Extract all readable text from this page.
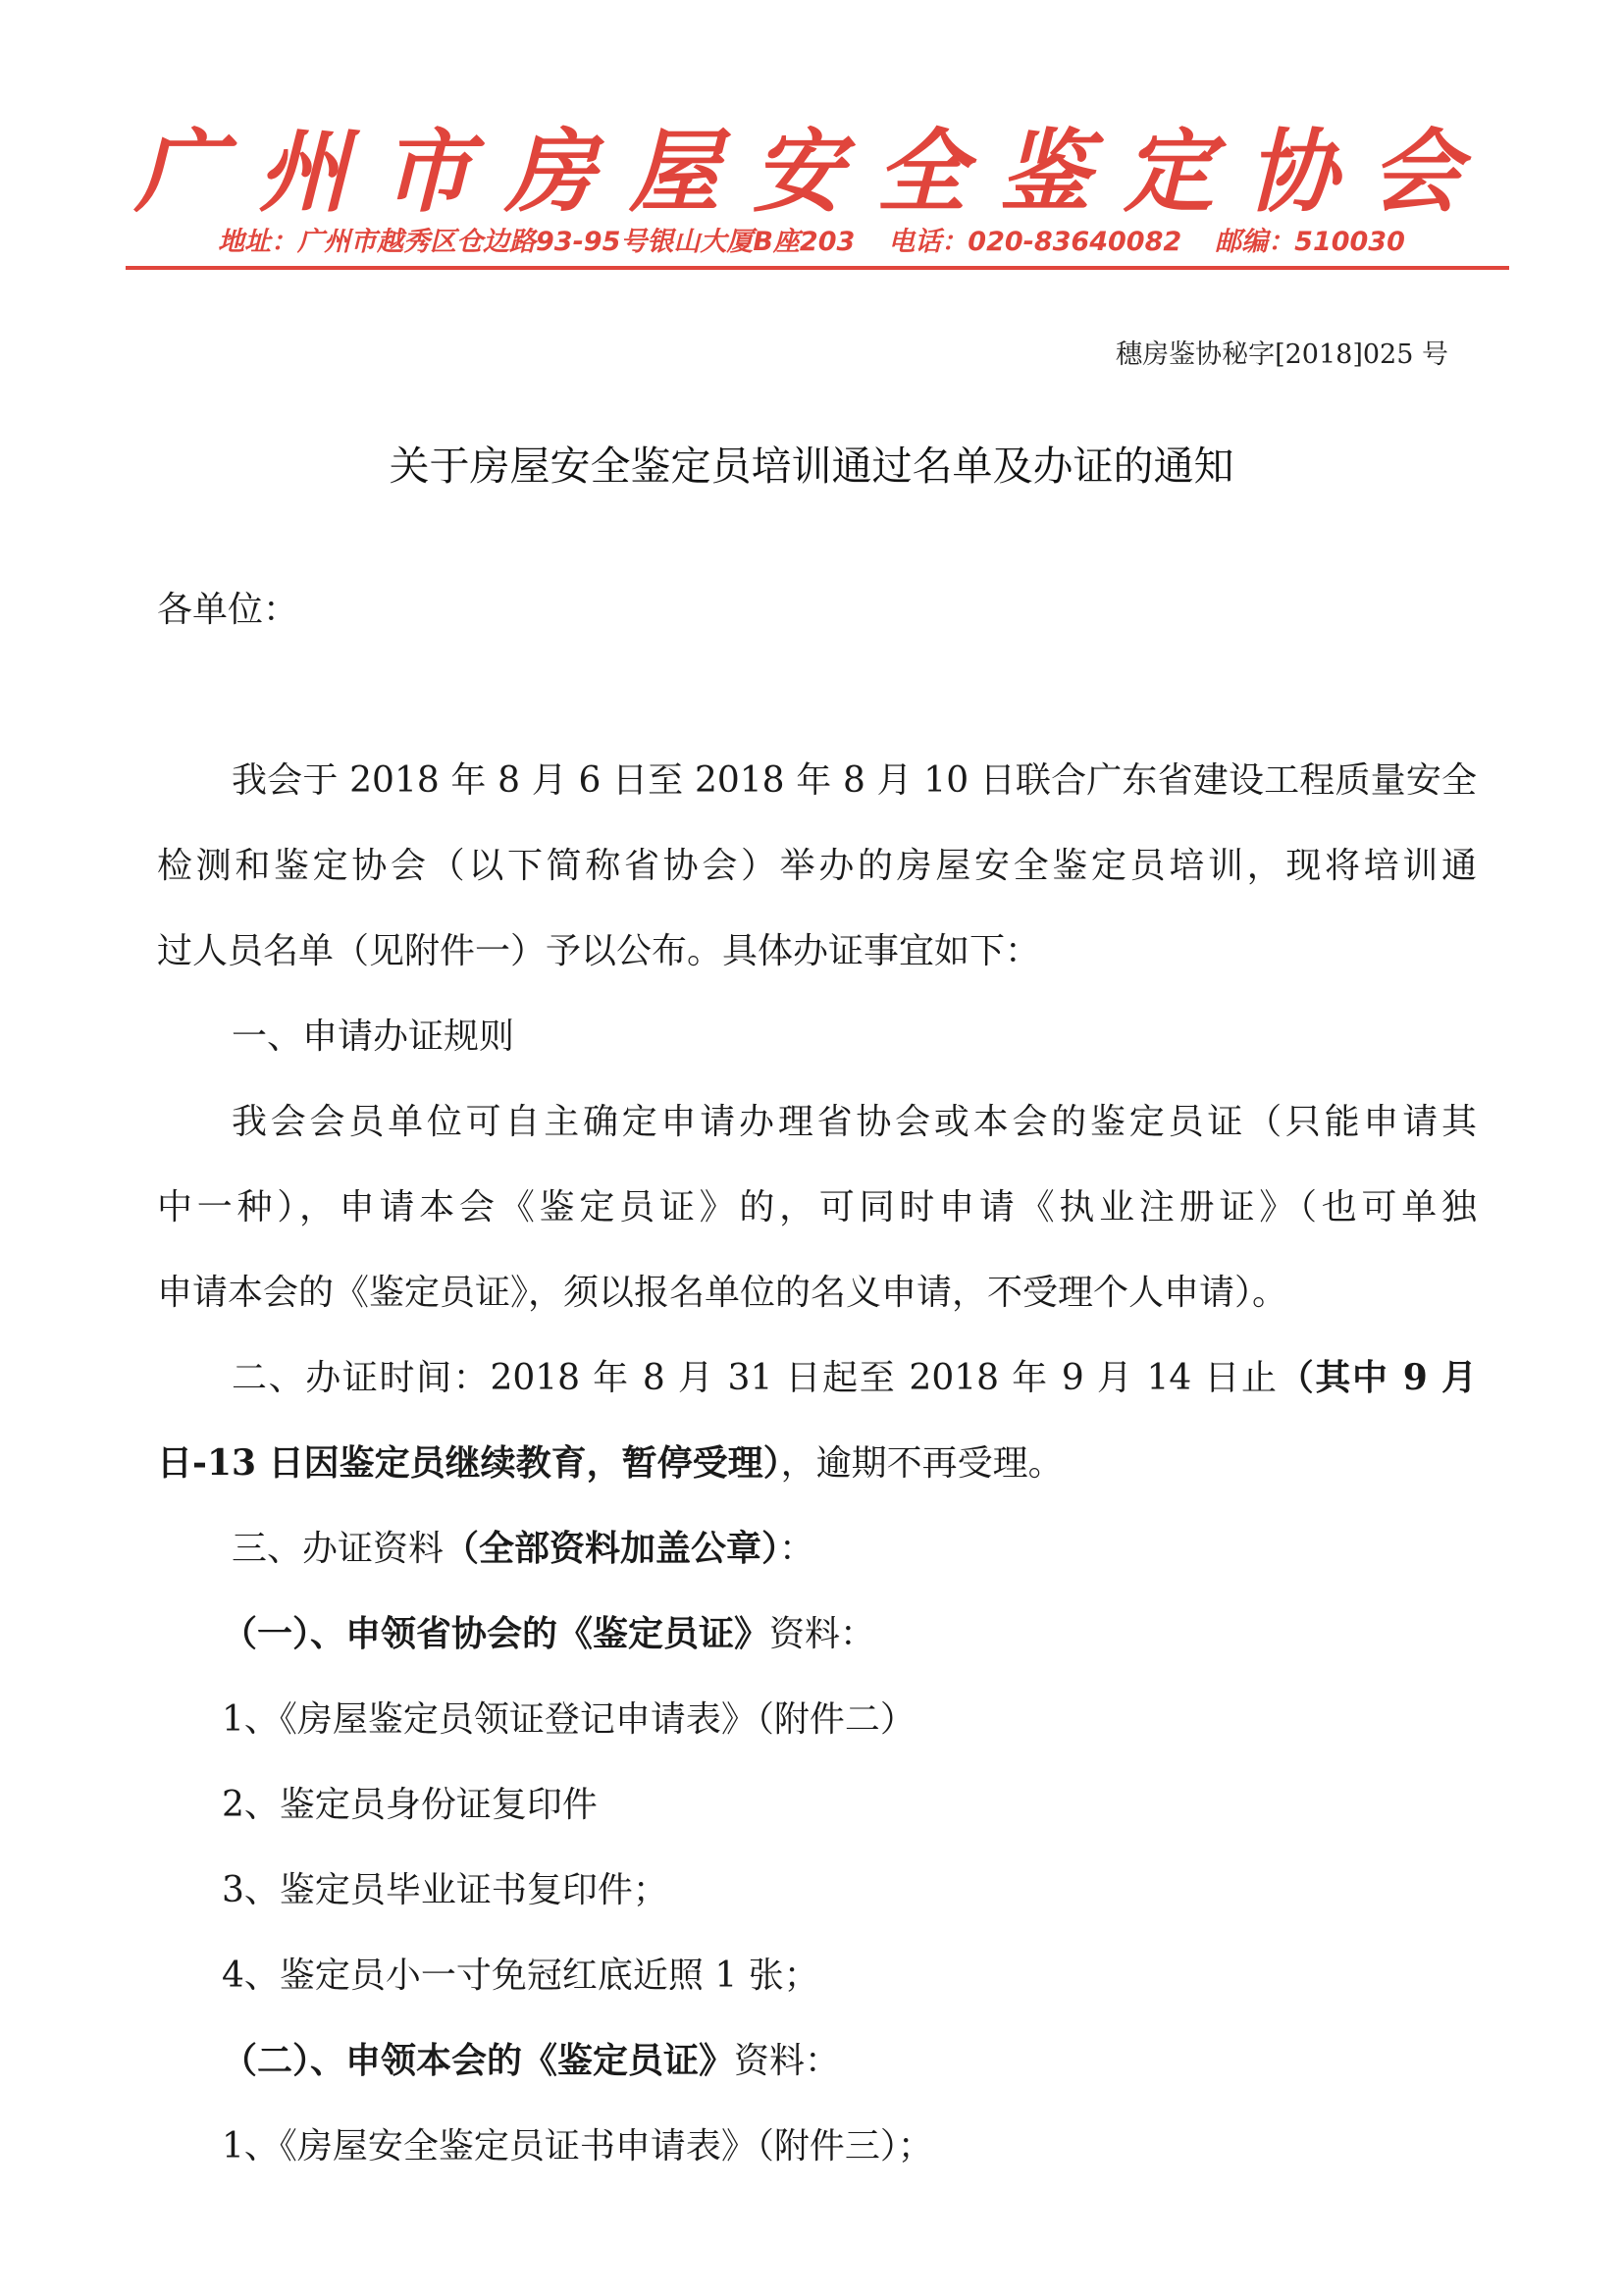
广州市房屋安全鉴定协会
地址：广州市越秀区仓边路93-95号银山大厦B座203 电话：020-83640082 邮编：510030
穗房鉴协秘字[2018]025 号
关于房屋安全鉴定员培训通过名单及办证的通知
各单位：
我会于 2018 年 8 月 6 日至 2018 年 8 月 10 日联合广东省建设工程质量安全
检测和鉴定协会（以下简称省协会）举办的房屋安全鉴定员培训，现将培训通
过人员名单（见附件一）予以公布。具体办证事宜如下：
一、申请办证规则
我会会员单位可自主确定申请办理省协会或本会的鉴定员证（只能申请其
中一种），申请本会《鉴定员证》的，可同时申请《执业注册证》（也可单独
申请本会的《鉴定员证》，须以报名单位的名义申请，不受理个人申请）。
二、办证时间：2018 年 8 月 31 日起至 2018 年 9 月 14 日止（其中 9 月
日-13 日因鉴定员继续教育，暂停受理），逾期不再受理。
三、办证资料（全部资料加盖公章）：
（一）、申领省协会的《鉴定员证》资料：
1、《房屋鉴定员领证登记申请表》（附件二）
2、鉴定员身份证复印件
3、鉴定员毕业证书复印件；
4、鉴定员小一寸免冠红底近照 1 张；
（二）、申领本会的《鉴定员证》资料：
1、《房屋安全鉴定员证书申请表》（附件三）；
